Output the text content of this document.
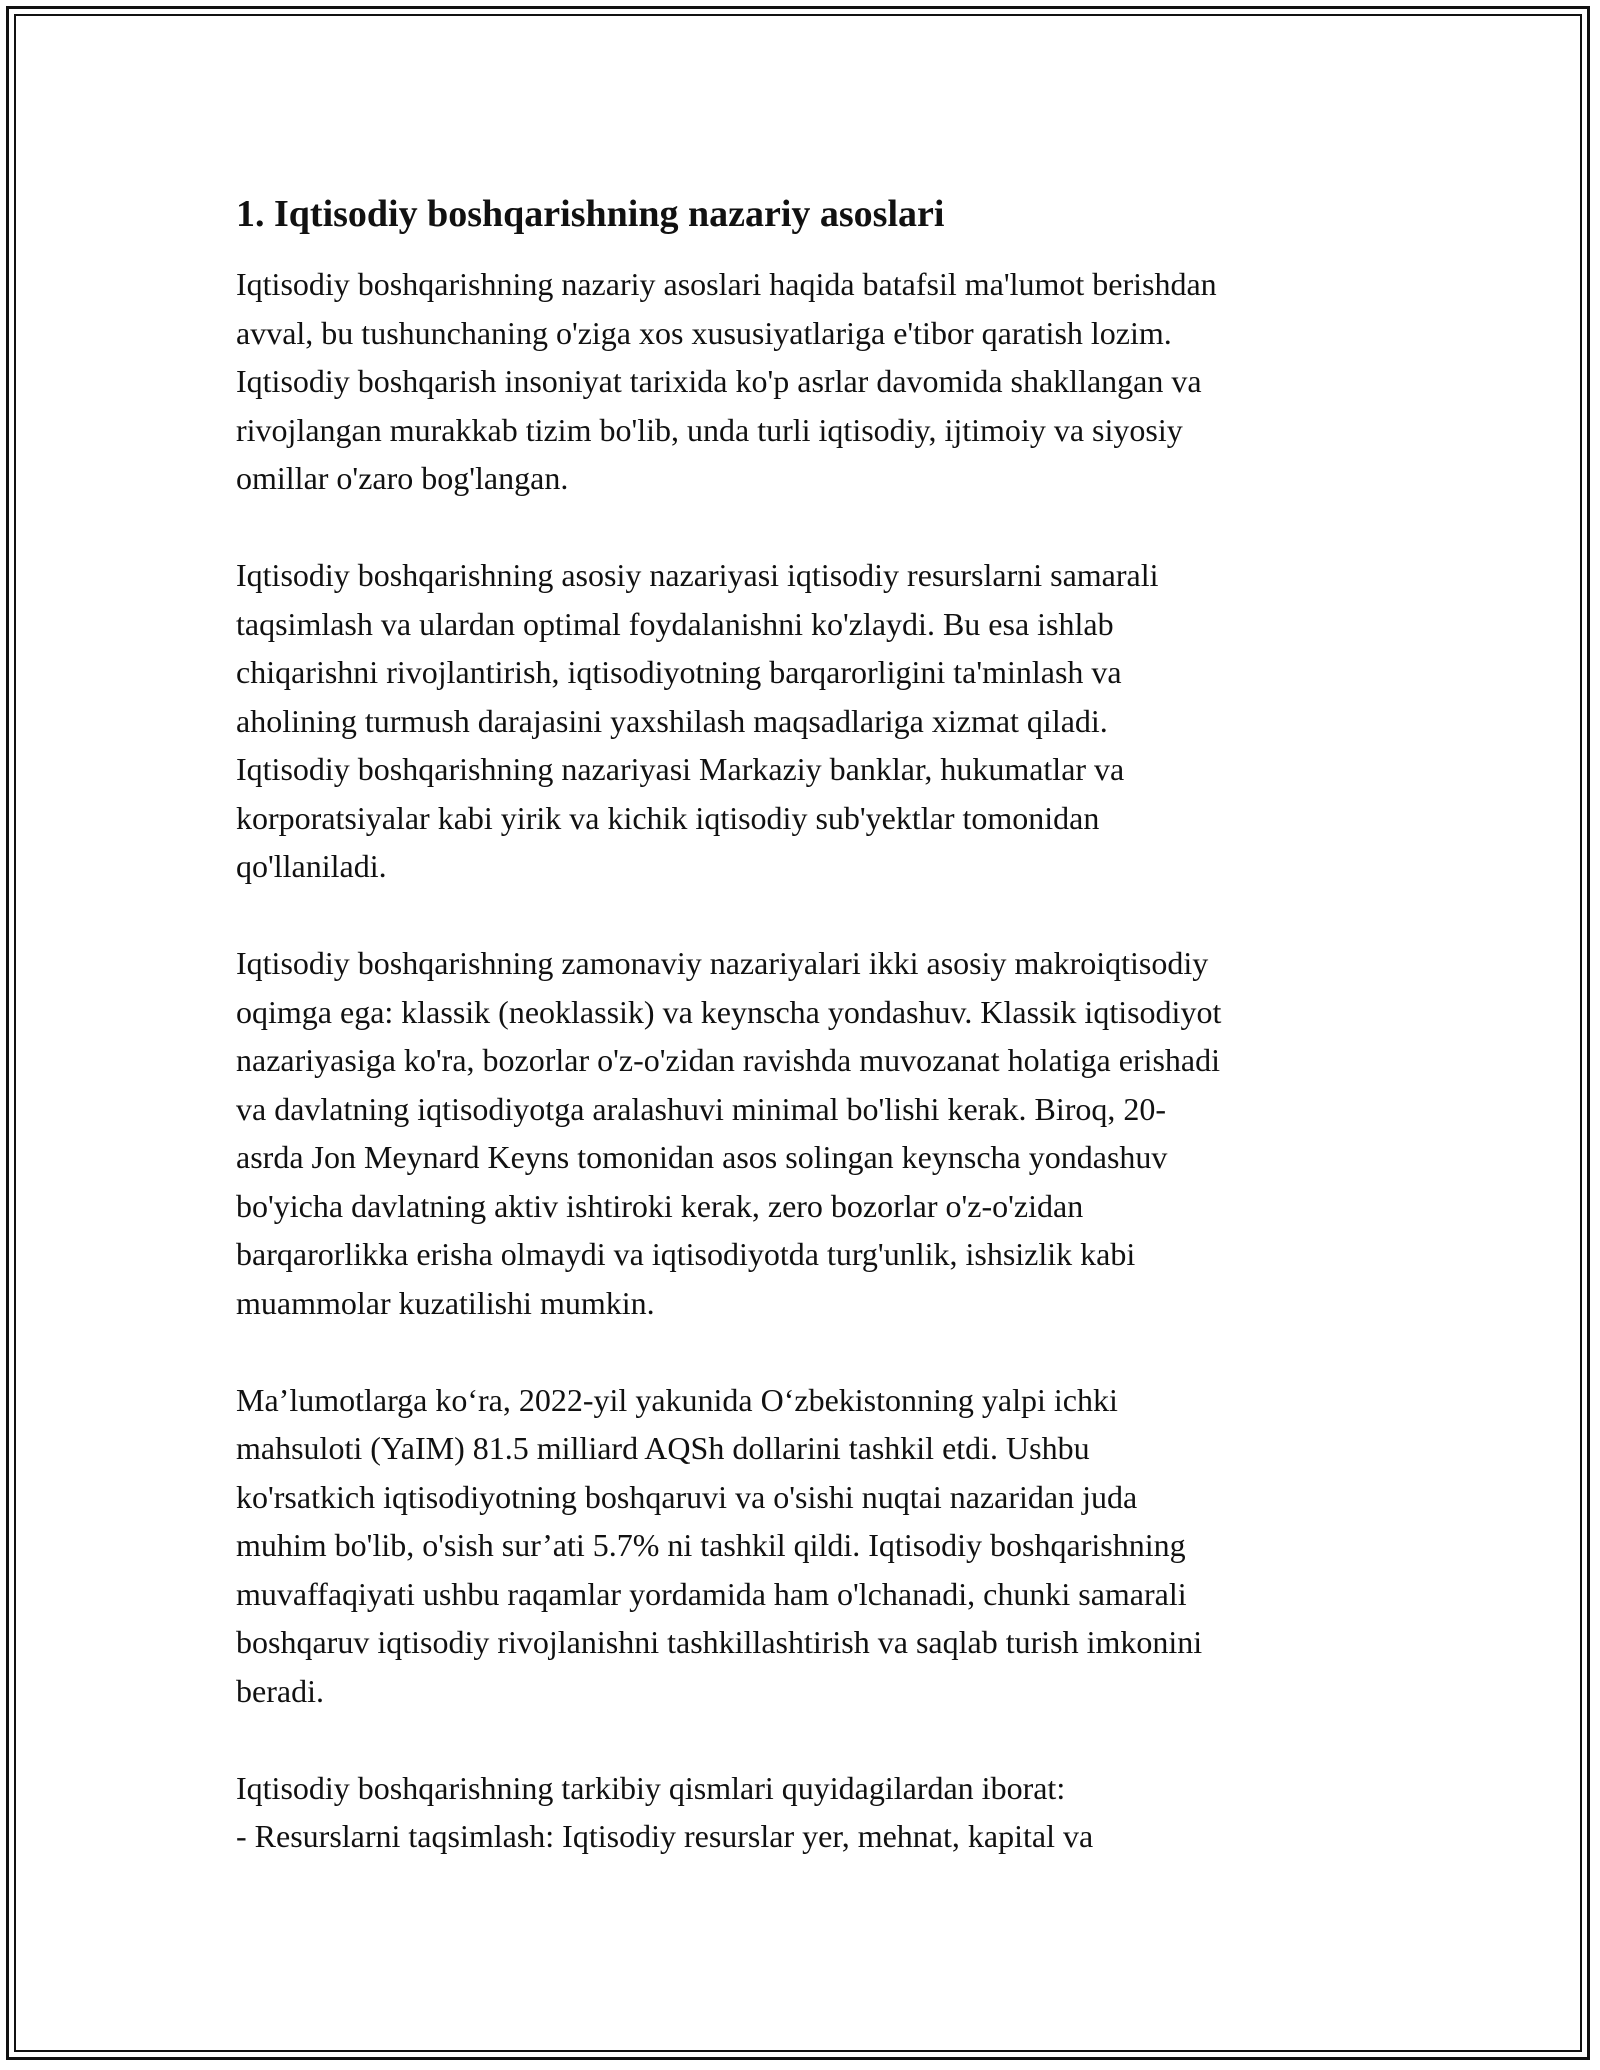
1. Iqtisodiy boshqarishning nazariy asoslari

Iqtisodiy boshqarishning nazariy asoslari haqida batafsil ma'lumot berishdan
avval, bu tushunchaning o'ziga xos xususiyatlariga e'tibor qaratish lozim.
Iqtisodiy boshqarish insoniyat tarixida ko'p asrlar davomida shakllangan va
rivojlangan murakkab tizim bo'lib, unda turli iqtisodiy, ijtimoiy va siyosiy
omillar o'zaro bog'langan.

Iqtisodiy boshqarishning asosiy nazariyasi iqtisodiy resurslarni samarali
taqsimlash va ulardan optimal foydalanishni ko'zlaydi. Bu esa ishlab
chiqarishni rivojlantirish, iqtisodiyotning barqarorligini ta'minlash va
aholining turmush darajasini yaxshilash maqsadlariga xizmat qiladi.
Iqtisodiy boshqarishning nazariyasi Markaziy banklar, hukumatlar va
korporatsiyalar kabi yirik va kichik iqtisodiy sub'yektlar tomonidan
qo'llaniladi.

Iqtisodiy boshqarishning zamonaviy nazariyalari ikki asosiy makroiqtisodiy
oqimga ega: klassik (neoklassik) va keynscha yondashuv. Klassik iqtisodiyot
nazariyasiga ko'ra, bozorlar o'z-o'zidan ravishda muvozanat holatiga erishadi
va davlatning iqtisodiyotga aralashuvi minimal bo'lishi kerak. Biroq, 20-
asrda Jon Meynard Keyns tomonidan asos solingan keynscha yondashuv
bo'yicha davlatning aktiv ishtiroki kerak, zero bozorlar o'z-o'zidan
barqarorlikka erisha olmaydi va iqtisodiyotda turg'unlik, ishsizlik kabi
muammolar kuzatilishi mumkin.

Ma’lumotlarga ko‘ra, 2022-yil yakunida O‘zbekistonning yalpi ichki
mahsuloti (YaIM) 81.5 milliard AQSh dollarini tashkil etdi. Ushbu
ko'rsatkich iqtisodiyotning boshqaruvi va o'sishi nuqtai nazaridan juda
muhim bo'lib, o'sish sur’ati 5.7% ni tashkil qildi. Iqtisodiy boshqarishning
muvaffaqiyati ushbu raqamlar yordamida ham o'lchanadi, chunki samarali
boshqaruv iqtisodiy rivojlanishni tashkillashtirish va saqlab turish imkonini
beradi.

Iqtisodiy boshqarishning tarkibiy qismlari quyidagilardan iborat:

- Resurslarni taqsimlash: Iqtisodiy resurslar yer, mehnat, kapital va
